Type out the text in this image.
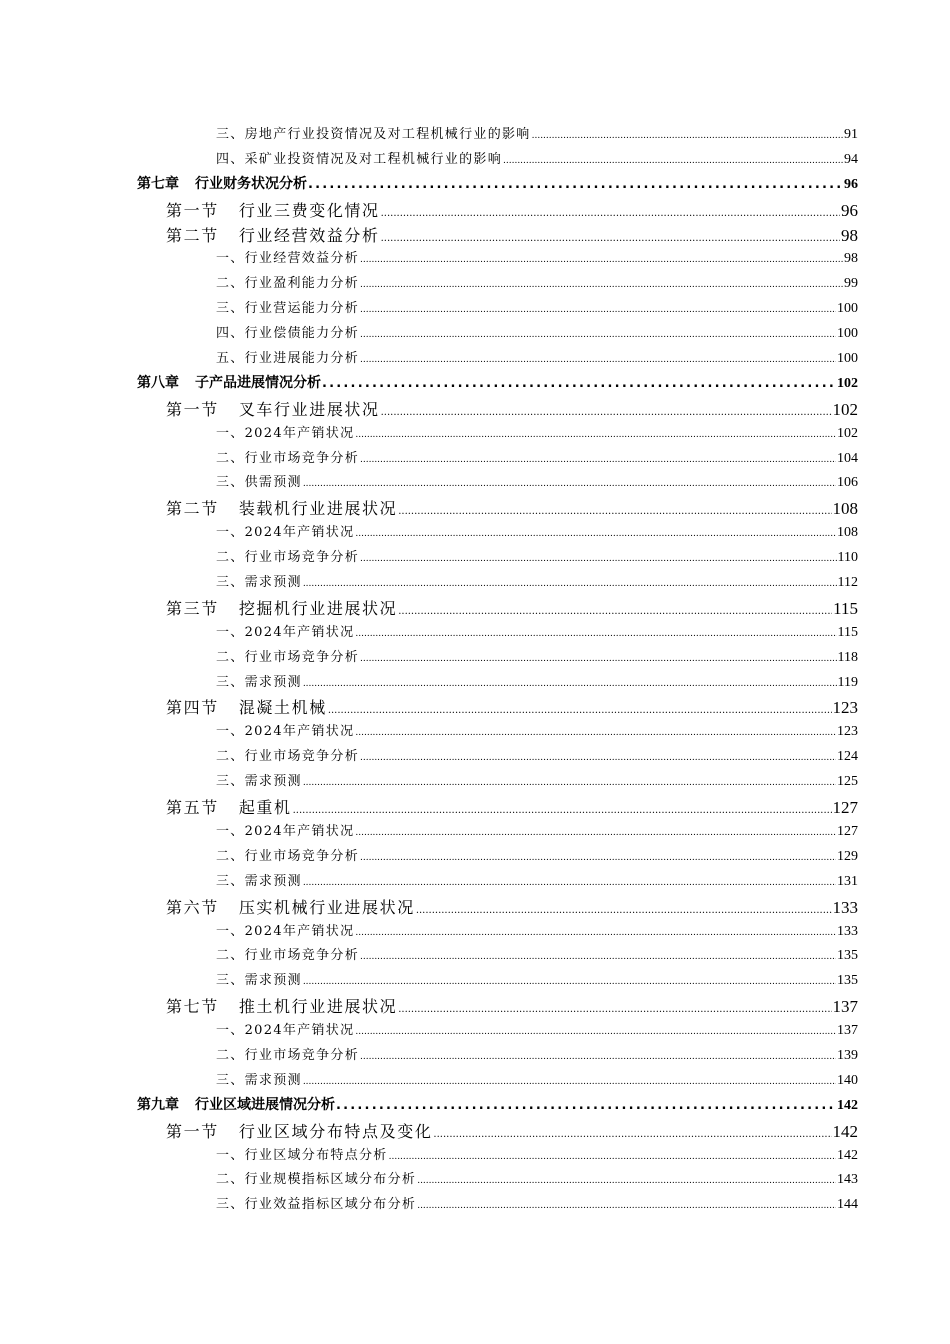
三、房地产行业投资情况及对工程机械行业的影响 .....	91
四、采矿业投资情况及对工程机械行业的影响 .....	94
第七章 行业财务状况分析 .....	96
第一节 行业三费变化情况 .....	96
第二节 行业经营效益分析 .....	98
一、行业经营效益分析 .....	98
二、行业盈利能力分析 .....	99
三、行业营运能力分析 .....	100
四、行业偿债能力分析 .....	100
五、行业进展能力分析 .....	100
第八章 子产品进展情况分析 .....	102
第一节 叉车行业进展状况 .....	102
一、2024年产销状况 .....	102
二、行业市场竞争分析 .....	104
三、供需预测 .....	106
第二节 装载机行业进展状况 .....	108
一、2024年产销状况 .....	108
二、行业市场竞争分析 .....	110
三、需求预测 .....	112
第三节 挖掘机行业进展状况 .....	115
一、2024年产销状况 .....	115
二、行业市场竞争分析 .....	118
三、需求预测 .....	119
第四节 混凝土机械 .....	123
一、2024年产销状况 .....	123
二、行业市场竞争分析 .....	124
三、需求预测 .....	125
第五节 起重机 .....	127
一、2024年产销状况 .....	127
二、行业市场竞争分析 .....	129
三、需求预测 .....	131
第六节 压实机械行业进展状况 .....	133
一、2024年产销状况 .....	133
二、行业市场竞争分析 .....	135
三、需求预测 .....	135
第七节 推土机行业进展状况 .....	137
一、2024年产销状况 .....	137
二、行业市场竞争分析 .....	139
三、需求预测 .....	140
第九章 行业区域进展情况分析 .....	142
第一节 行业区域分布特点及变化 .....	142
一、行业区域分布特点分析 .....	142
二、行业规模指标区域分布分析 .....	143
三、行业效益指标区域分布分析 .....	144
